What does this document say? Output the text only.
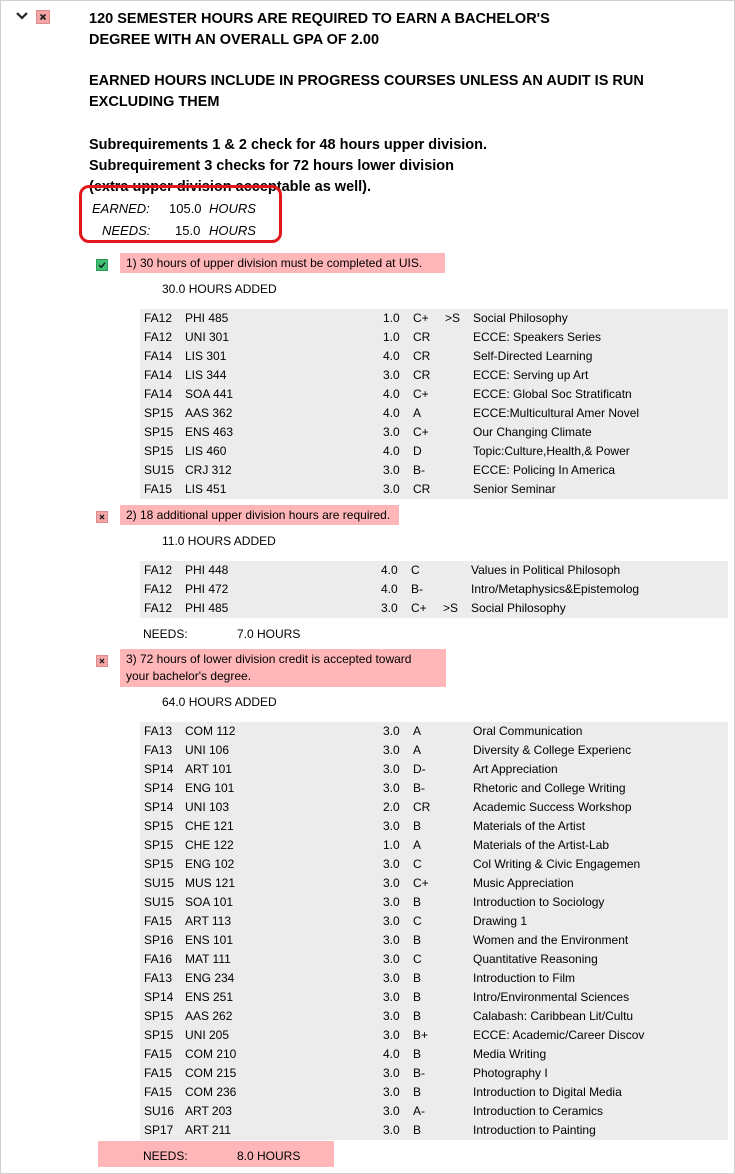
120 SEMESTER HOURS ARE REQUIRED TO EARN A BACHELOR'S
DEGREE WITH AN OVERALL GPA OF 2.00
EARNED HOURS INCLUDE IN PROGRESS COURSES UNLESS AN AUDIT IS RUN
EXCLUDING THEM
Subrequirements 1 & 2 check for 48 hours upper division.
Subrequirement 3 checks for 72 hours lower division
(extra upper division acceptable as well).
EARNED: 105.0 HOURS
NEEDS: 15.0 HOURS
1) 30 hours of upper division must be completed at UIS.
30.0 HOURS ADDED
FA12 PHI 485	1.0 C+ >S Social Philosophy
FA12 UNI 301	1.0 CR	ECCE: Speakers Series
FA14 LIS 301	4.0 CR	Self-Directed Learning
FA14 LIS 344	3.0 CR	ECCE: Serving up Art
FA14 SOA 441	4.0 C+	ECCE: Global Soc Stratificatn
SP15 AAS 362	4.0 A	ECCE:Multicultural Amer Novel
SP15 ENS 463	3.0 C+	Our Changing Climate
SP15 LIS 460	4.0 D	Topic:Culture,Health,& Power
SU15 CRJ 312	3.0 B-	ECCE: Policing In America
FA15 LIS 451	3.0 CR	Senior Seminar
2) 18 additional upper division hours are required.
11.0 HOURS ADDED
FA12 PHI 448	4.0 C	Values in Political Philosoph
FA12 PHI 472	4.0 B-	Intro/Metaphysics&Epistemolog
FA12 PHI 485	3.0 C+ >S Social Philosophy
NEEDS:	7.0 HOURS
3) 72 hours of lower division credit is accepted toward
your bachelor's degree.
64.0 HOURS ADDED
FA13 COM 112	3.0 A	Oral Communication
FA13 UNI 106	3.0 A	Diversity & College Experienc
SP14 ART 101	3.0 D-	Art Appreciation
SP14 ENG 101	3.0 B-	Rhetoric and College Writing
SP14 UNI 103	2.0 CR	Academic Success Workshop
SP15 CHE 121	3.0 B	Materials of the Artist
SP15 CHE 122	1.0 A	Materials of the Artist-Lab
SP15 ENG 102	3.0 C	Col Writing & Civic Engagemen
SU15 MUS 121	3.0 C+	Music Appreciation
SU15 SOA 101	3.0 B	Introduction to Sociology
FA15 ART 113	3.0 C	Drawing 1
SP16 ENS 101	3.0 B	Women and the Environment
FA16 MAT 111	3.0 C	Quantitative Reasoning
FA13 ENG 234	3.0 B	Introduction to Film
SP14 ENS 251	3.0 B	Intro/Environmental Sciences
SP15 AAS 262	3.0 B	Calabash: Caribbean Lit/Cultu
SP15 UNI 205	3.0 B+	ECCE: Academic/Career Discov
FA15 COM 210	4.0 B	Media Writing
FA15 COM 215	3.0 B-	Photography I
FA15 COM 236	3.0 B	Introduction to Digital Media
SU16 ART 203	3.0 A-	Introduction to Ceramics
SP17 ART 211	3.0 B	Introduction to Painting
NEEDS:	8.0 HOURS
